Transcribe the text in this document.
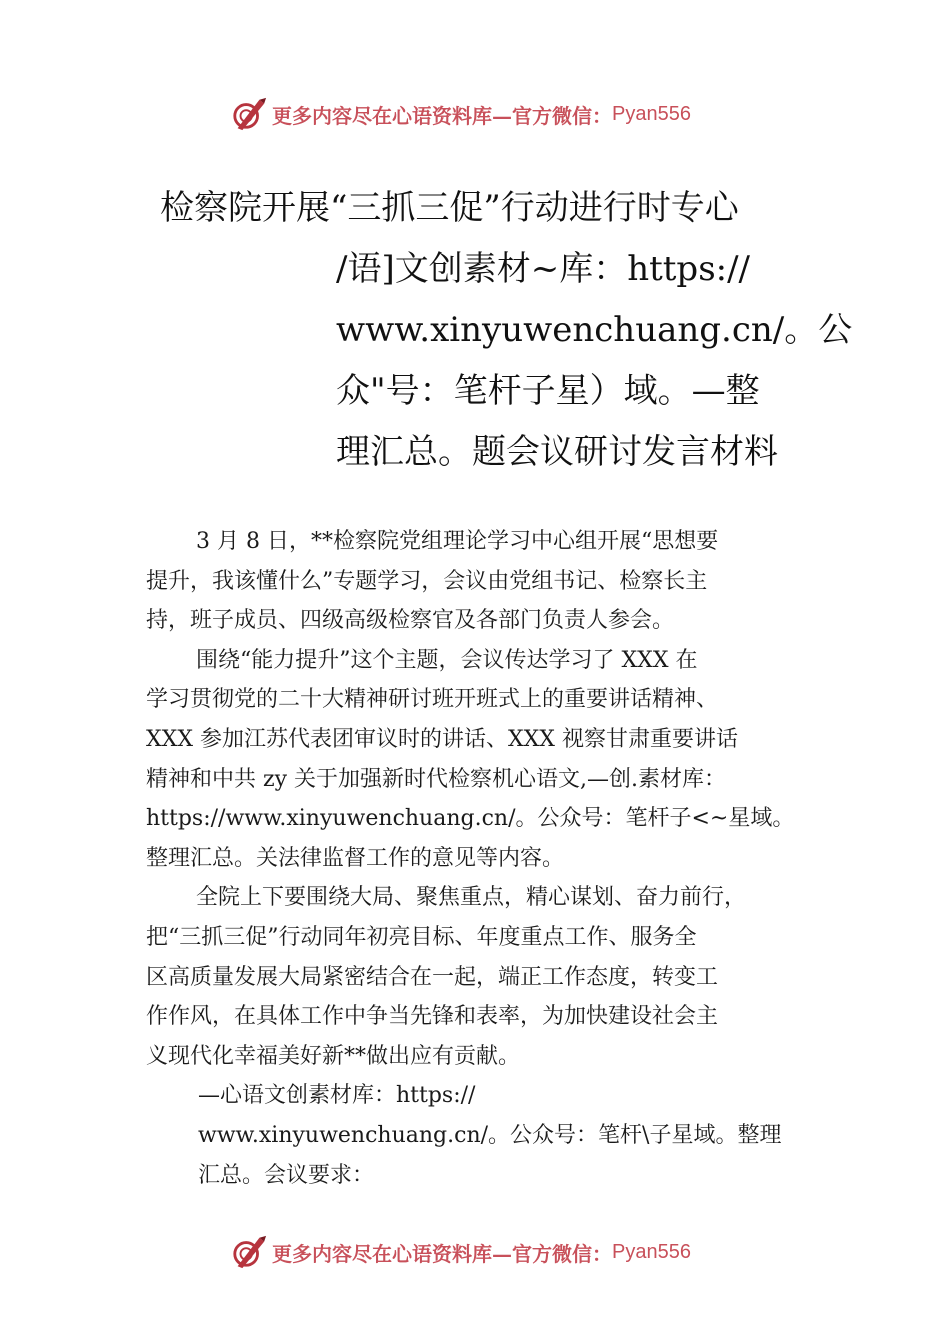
更多内容尽在心语资料库—官方微信： Pyan556
检察院开展“三抓三促”行动进行时专心
/语]文创素材~库：https://
www.xinyuwenchuang.cn/。公
众"号：笔杆子星）域。—整
理汇总。题会议研讨发言材料
3 月 8 日，**检察院党组理论学习中心组开展“思想要
提升，我该懂什么”专题学习，会议由党组书记、检察长主
持，班子成员、四级高级检察官及各部门负责人参会。
围绕“能力提升”这个主题，会议传达学习了 XXX 在
学习贯彻党的二十大精神研讨班开班式上的重要讲话精神、
XXX 参加江苏代表团审议时的讲话、XXX 视察甘肃重要讲话
精神和中共 zy 关于加强新时代检察机心语文,—创.素材库：
https://www.xinyuwenchuang.cn/。公众号：笔杆子<~星域。
整理汇总。关法律监督工作的意见等内容。
全院上下要围绕大局、聚焦重点，精心谋划、奋力前行，
把“三抓三促”行动同年初亮目标、年度重点工作、服务全
区高质量发展大局紧密结合在一起，端正工作态度，转变工
作作风，在具体工作中争当先锋和表率，为加快建设社会主
义现代化幸福美好新**做出应有贡献。
—心语文创素材库：https://
www.xinyuwenchuang.cn/。公众号：笔杆\子星域。整理
汇总。会议要求：
更多内容尽在心语资料库—官方微信： Pyan556
